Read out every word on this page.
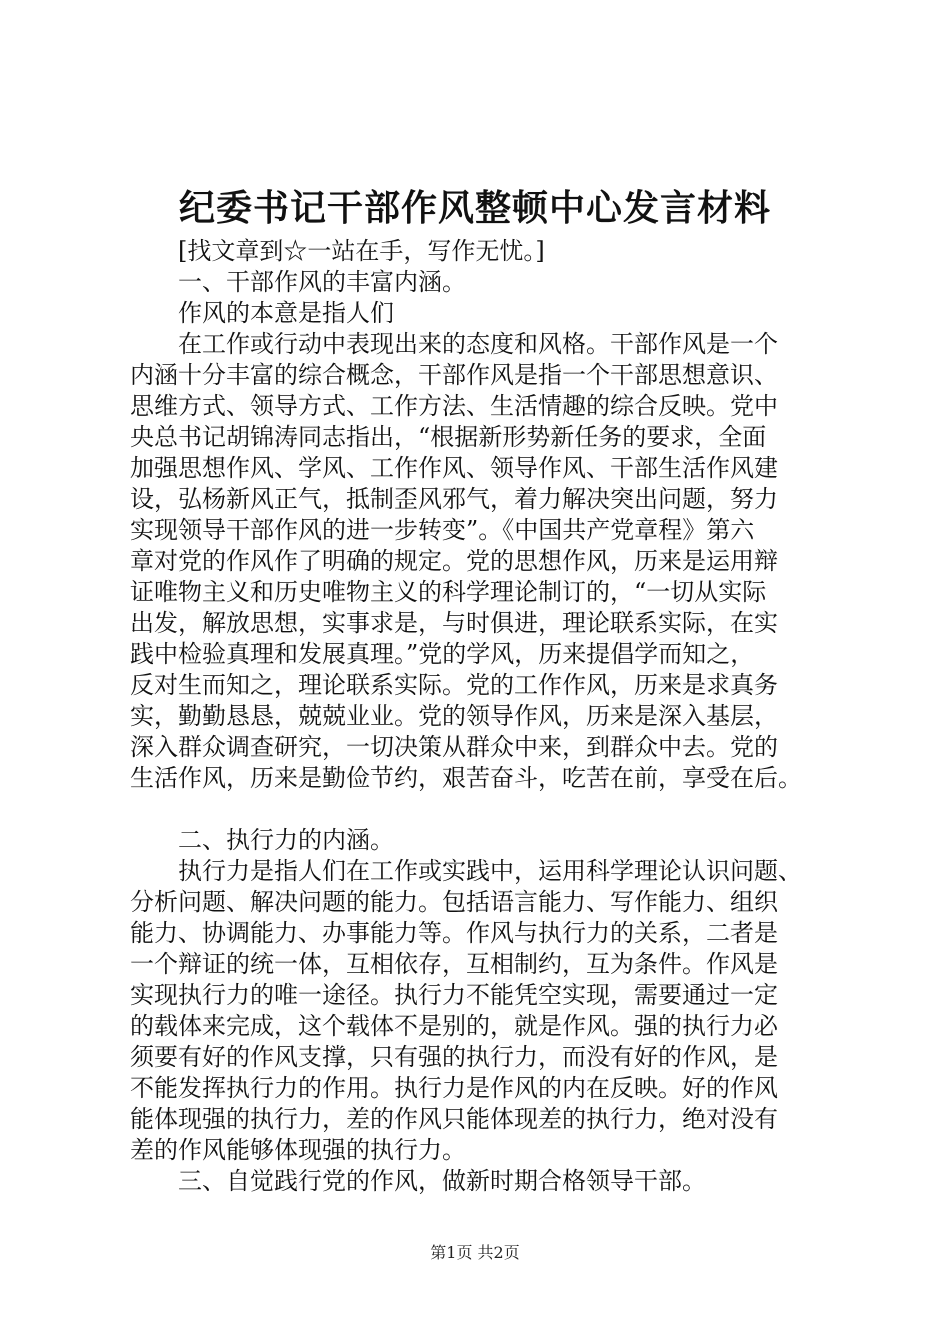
纪委书记干部作风整顿中心发言材料

[找文章到☆一站在手，写作无忧。]

一、干部作风的丰富内涵。

作风的本意是指人们

在工作或行动中表现出来的态度和风格。干部作风是一个

内涵十分丰富的综合概念，干部作风是指一个干部思想意识、

思维方式、领导方式、工作方法、生活情趣的综合反映。党中

央总书记胡锦涛同志指出，“根据新形势新任务的要求，全面

加强思想作风、学风、工作作风、领导作风、干部生活作风建

设，弘杨新风正气，抵制歪风邪气，着力解决突出问题，努力

实现领导干部作风的进一步转变”。《中国共产党章程》第六

章对党的作风作了明确的规定。党的思想作风，历来是运用辩

证唯物主义和历史唯物主义的科学理论制订的，“一切从实际

出发，解放思想，实事求是，与时俱进，理论联系实际，在实

践中检验真理和发展真理。”党的学风，历来提倡学而知之，

反对生而知之，理论联系实际。党的工作作风，历来是求真务

实，勤勤恳恳，兢兢业业。党的领导作风，历来是深入基层，

深入群众调查研究，一切决策从群众中来，到群众中去。党的

生活作风，历来是勤俭节约，艰苦奋斗，吃苦在前，享受在后。

二、执行力的内涵。

执行力是指人们在工作或实践中，运用科学理论认识问题、

分析问题、解决问题的能力。包括语言能力、写作能力、组织

能力、协调能力、办事能力等。作风与执行力的关系，二者是

一个辩证的统一体，互相依存，互相制约，互为条件。作风是

实现执行力的唯一途径。执行力不能凭空实现，需要通过一定

的载体来完成，这个载体不是别的，就是作风。强的执行力必

须要有好的作风支撑，只有强的执行力，而没有好的作风，是

不能发挥执行力的作用。执行力是作风的内在反映。好的作风

能体现强的执行力，差的作风只能体现差的执行力，绝对没有

差的作风能够体现强的执行力。

三、自觉践行党的作风，做新时期合格领导干部。

第1页 共2页
